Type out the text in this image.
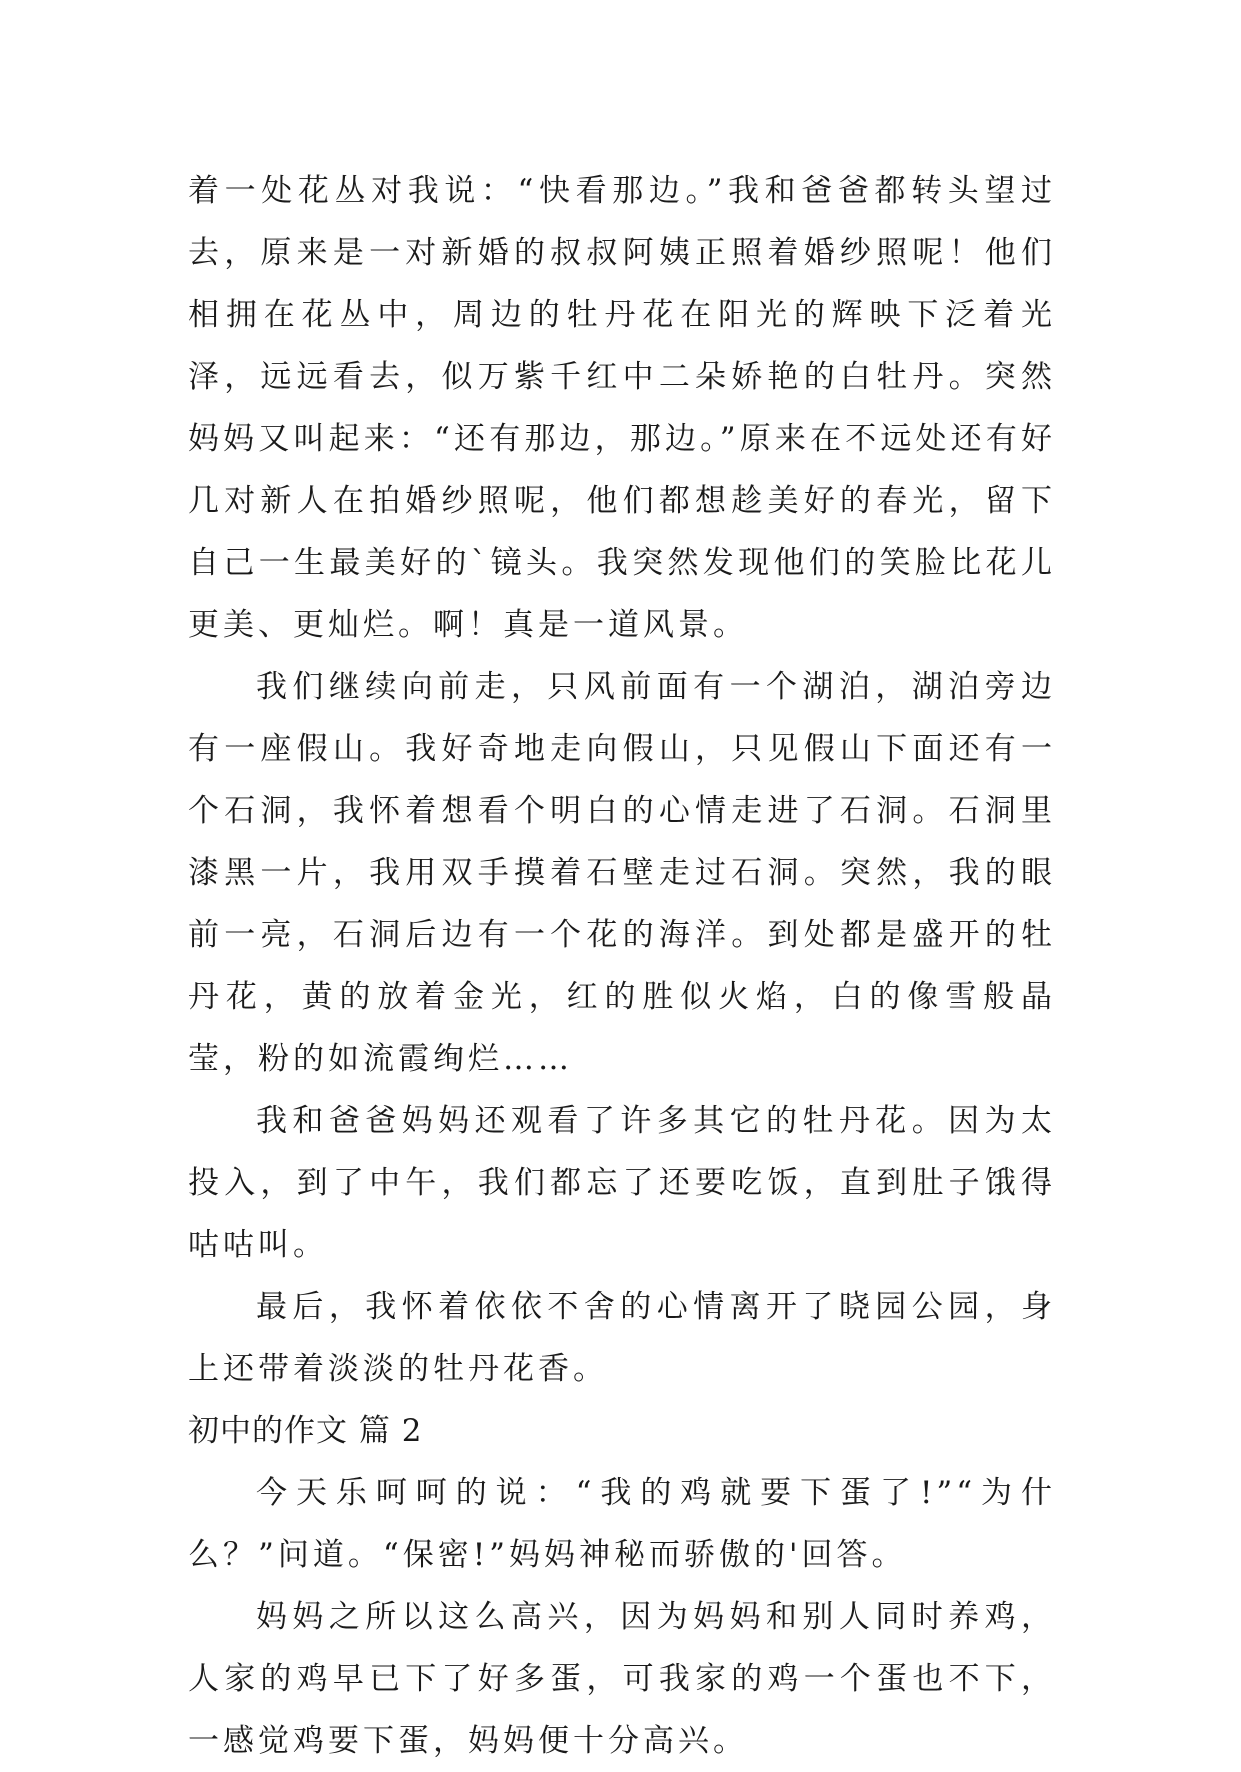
着一处花丛对我说：“快看那边。”我和爸爸都转头望过去，原来是一对新婚的叔叔阿姨正照着婚纱照呢！他们相拥在花丛中，周边的牡丹花在阳光的辉映下泛着光泽，远远看去，似万紫千红中二朵娇艳的白牡丹。突然妈妈又叫起来：“还有那边，那边。”原来在不远处还有好几对新人在拍婚纱照呢，他们都想趁美好的春光，留下自己一生最美好的`镜头。我突然发现他们的笑脸比花儿更美、更灿烂。啊！真是一道风景。

我们继续向前走，只风前面有一个湖泊，湖泊旁边有一座假山。我好奇地走向假山，只见假山下面还有一个石洞，我怀着想看个明白的心情走进了石洞。石洞里漆黑一片，我用双手摸着石壁走过石洞。突然，我的眼前一亮，石洞后边有一个花的海洋。到处都是盛开的牡丹花，黄的放着金光，红的胜似火焰，白的像雪般晶莹，粉的如流霞绚烂……

我和爸爸妈妈还观看了许多其它的牡丹花。因为太投入，到了中午，我们都忘了还要吃饭，直到肚子饿得咕咕叫。

最后，我怀着依依不舍的心情离开了晓园公园，身上还带着淡淡的牡丹花香。

初中的作文 篇 2

今天乐呵呵的说：“我的鸡就要下蛋了!”“为什么？”问道。“保密!”妈妈神秘而骄傲的'回答。

妈妈之所以这么高兴，因为妈妈和别人同时养鸡，人家的鸡早已下了好多蛋，可我家的鸡一个蛋也不下，一感觉鸡要下蛋，妈妈便十分高兴。
